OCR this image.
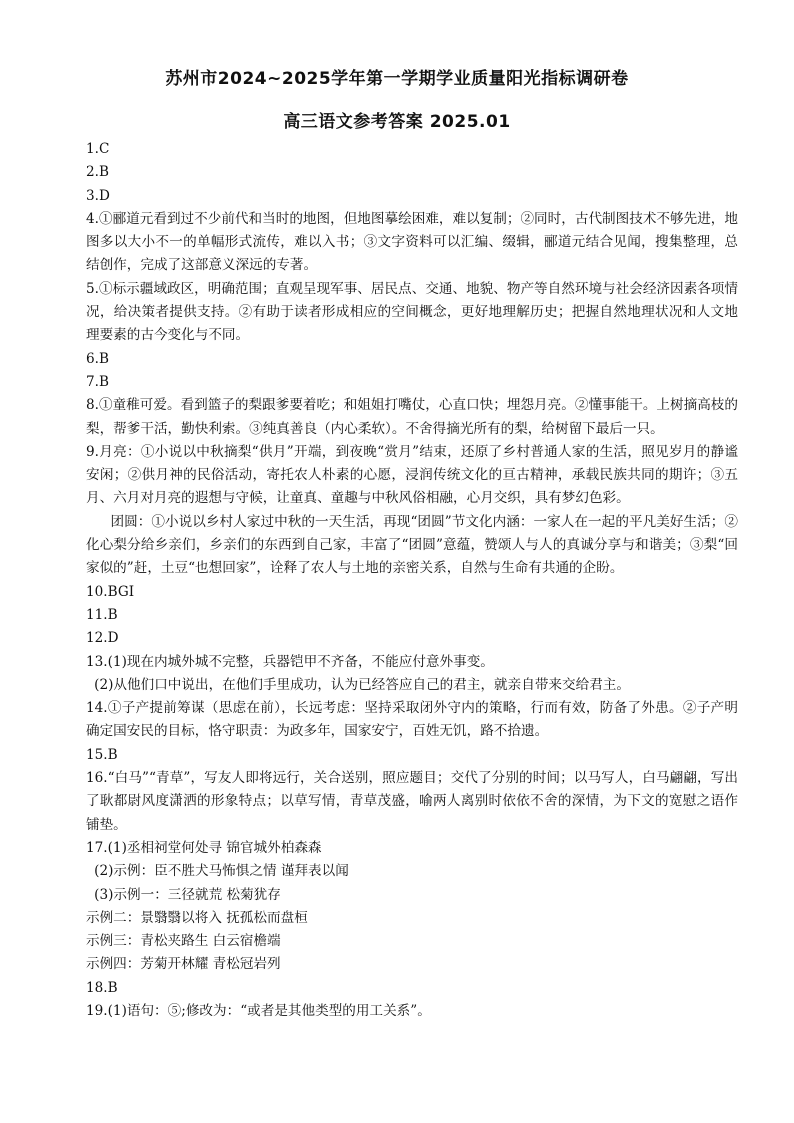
苏州市2024~2025学年第一学期学业质量阳光指标调研卷
高三语文参考答案 2025.01

1.C

2.B

3.D

4.①郦道元看到过不少前代和当时的地图，但地图摹绘困难，难以复制；②同时，古代制图技术不够先进，地图多以大小不一的单幅形式流传，难以入书；③文字资料可以汇编、缀辑，郦道元结合见闻，搜集整理，总结创作，完成了这部意义深远的专著。

5.①标示疆域政区，明确范围；直观呈现军事、居民点、交通、地貌、物产等自然环境与社会经济因素各项情况，给决策者提供支持。②有助于读者形成相应的空间概念，更好地理解历史；把握自然地理状况和人文地理要素的古今变化与不同。

6.B

7.B

8.①童稚可爱。看到篮子的梨跟爹要着吃；和姐姐打嘴仗，心直口快；埋怨月亮。②懂事能干。上树摘高枝的梨，帮爹干活，勤快利索。③纯真善良（内心柔软）。不舍得摘光所有的梨，给树留下最后一只。

9.月亮：①小说以中秋摘梨“供月”开端，到夜晚“赏月”结束，还原了乡村普通人家的生活，照见岁月的静谧安闲；②供月神的民俗活动，寄托农人朴素的心愿，浸润传统文化的亘古精神，承载民族共同的期许；③五月、六月对月亮的遐想与守候，让童真、童趣与中秋风俗相融，心月交织，具有梦幻色彩。

团圆：①小说以乡村人家过中秋的一天生活，再现“团圆”节文化内涵：一家人在一起的平凡美好生活；②化心梨分给乡亲们，乡亲们的东西到自己家，丰富了“团圆”意蕴，赞颂人与人的真诚分享与和谐美；③梨“回家似的”赶，土豆“也想回家”，诠释了农人与土地的亲密关系，自然与生命有共通的企盼。

10.BGI

11.B

12.D

13.(1)现在内城外城不完整，兵器铠甲不齐备，不能应付意外事变。

(2)从他们口中说出，在他们手里成功，认为已经答应自己的君主，就亲自带来交给君主。

14.①子产提前筹谋（思虑在前），长远考虑：坚持采取闭外守内的策略，行而有效，防备了外患。②子产明确定国安民的目标，恪守职责：为政多年，国家安宁，百姓无饥，路不拾遗。

15.B

16.“白马”“青草”，写友人即将远行，关合送别，照应题目；交代了分别的时间；以马写人，白马翩翩，写出了耿都尉风度潇洒的形象特点；以草写情，青草茂盛，喻两人离别时依依不舍的深情，为下文的宽慰之语作铺垫。

17.(1)丞相祠堂何处寻 锦官城外柏森森

(2)示例：臣不胜犬马怖惧之情 谨拜表以闻

(3)示例一：三径就荒 松菊犹存

示例二：景翳翳以将入 抚孤松而盘桓

示例三：青松夹路生 白云宿檐端

示例四：芳菊开林耀 青松冠岩列

18.B

19.(1)语句：⑤;修改为：“或者是其他类型的用工关系”。
